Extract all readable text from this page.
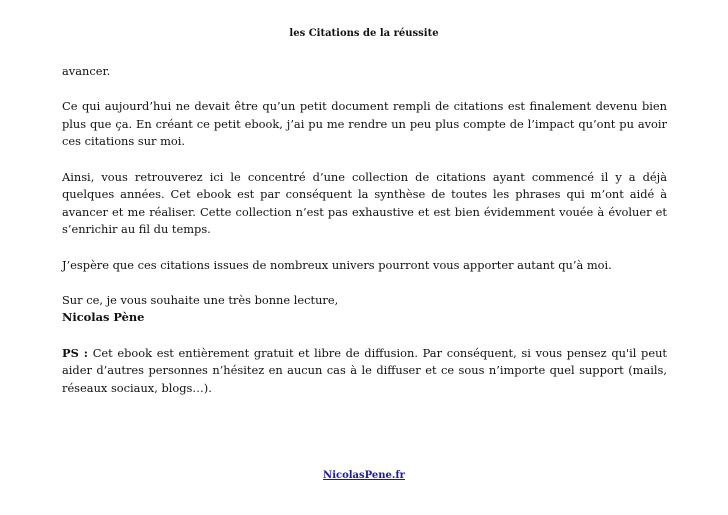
les Citations de la réussite

avancer.

Ce qui aujourd’hui ne devait être qu’un petit document rempli de citations est finalement devenu bien plus que ça. En créant ce petit ebook, j’ai pu me rendre un peu plus compte de l’impact qu’ont pu avoir ces citations sur moi.

Ainsi, vous retrouverez ici le concentré d’une collection de citations ayant commencé il y a déjà quelques années. Cet ebook est par conséquent la synthèse de toutes les phrases qui m’ont aidé à avancer et me réaliser. Cette collection n’est pas exhaustive et est bien évidemment vouée à évoluer et s’enrichir au fil du temps.

J’espère que ces citations issues de nombreux univers pourront vous apporter autant qu’à moi.

Sur ce, je vous souhaite une très bonne lecture,

Nicolas Pène

PS : Cet ebook est entièrement gratuit et libre de diffusion. Par conséquent, si vous pensez qu'il peut aider d’autres personnes n’hésitez en aucun cas à le diffuser et ce sous n’importe quel support (mails, réseaux sociaux, blogs…).

NicolasPene.fr
